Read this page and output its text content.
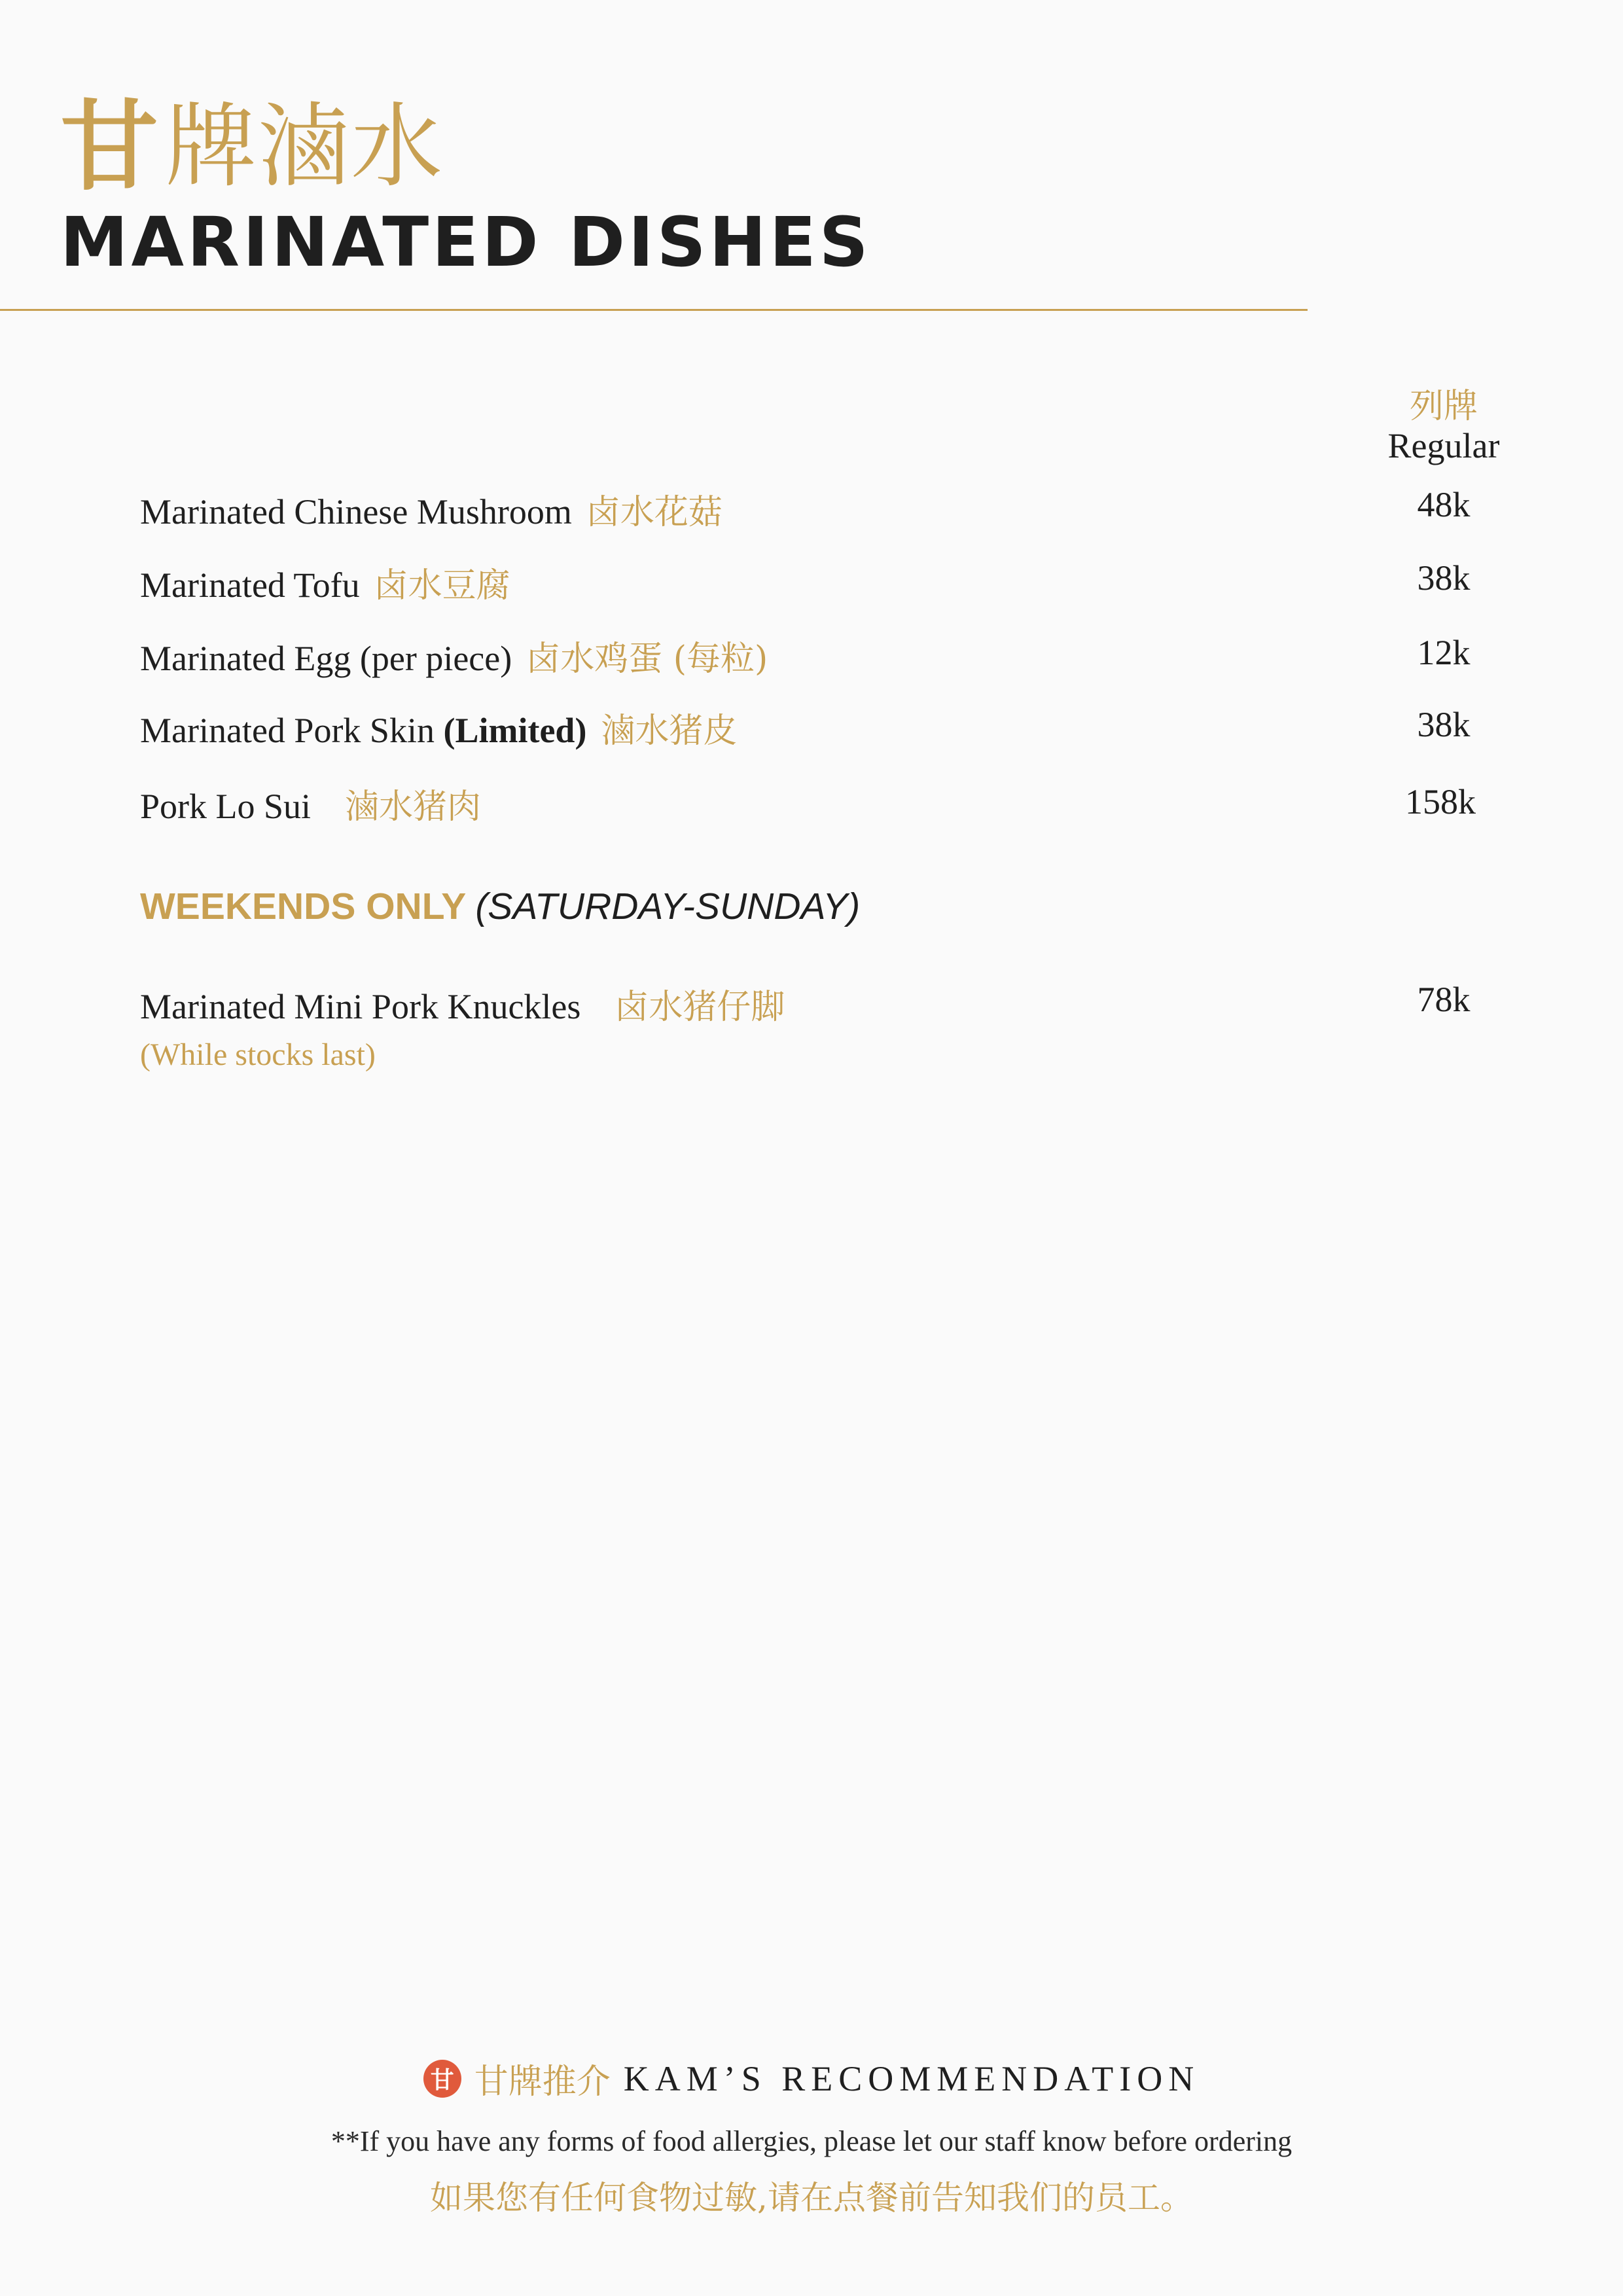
甘 牌滷水
MARINATED DISHES
列牌
Regular
Marinated Chinese Mushroom 卤水花菇	48k
Marinated Tofu 卤水豆腐	38k
Marinated Egg (per piece) 卤水鸡蛋 (每粒)	12k
Marinated Pork Skin (Limited) 滷水猪皮	38k
Pork Lo Sui 滷水猪肉	158k
WEEKENDS ONLY (SATURDAY-SUNDAY)
Marinated Mini Pork Knuckles 卤水猪仔脚	78k
(While stocks last)
甘 甘牌推介 KAM’S RECOMMENDATION
**If you have any forms of food allergies, please let our staff know before ordering
如果您有任何食物过敏,请在点餐前告知我们的员工。
